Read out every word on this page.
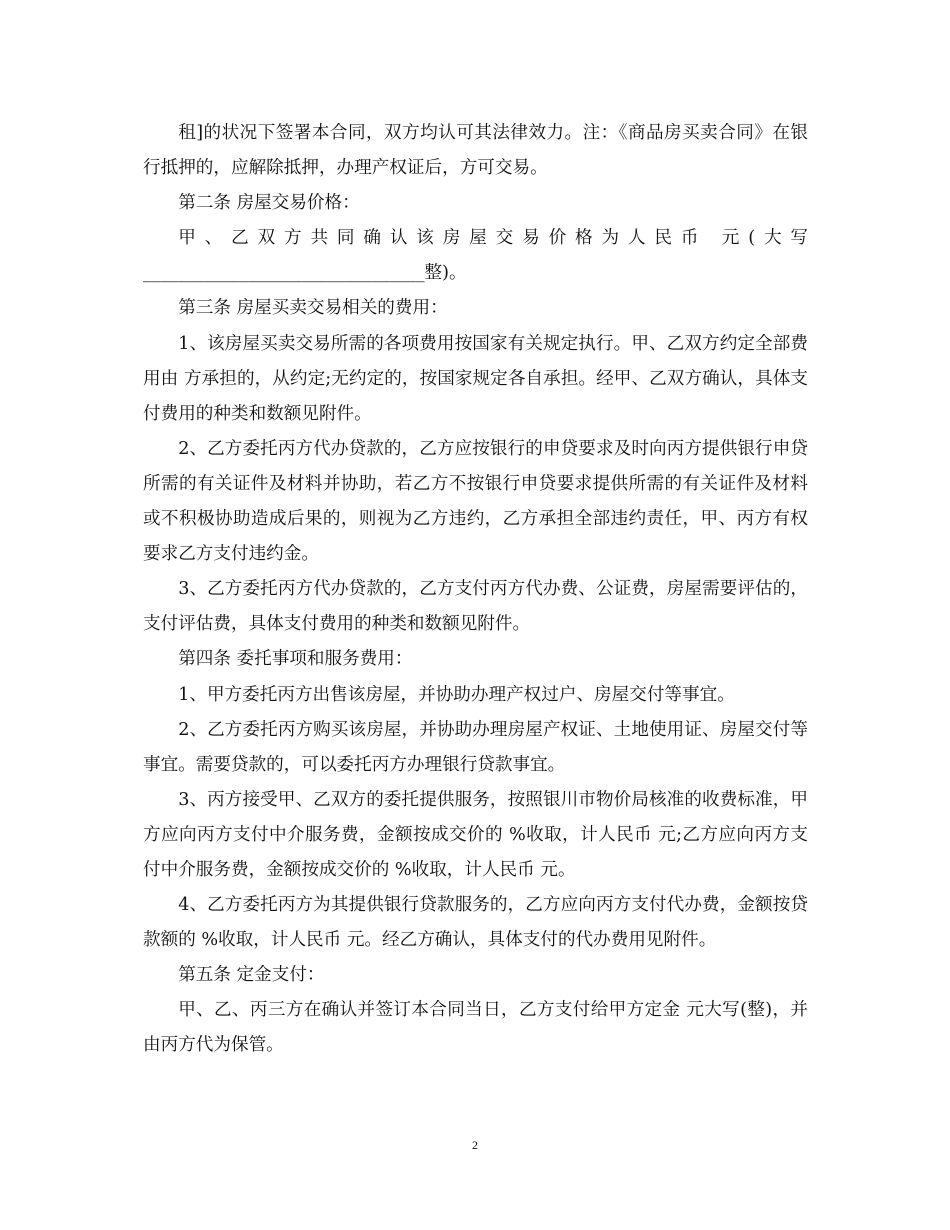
租]的状况下签署本合同，双方均认可其法律效力。注：《商品房买卖合同》在银行抵押的，应解除抵押，办理产权证后，方可交易。

第二条 房屋交易价格：

甲、乙双方共同确认该房屋交易价格为人民币 元(大写________________________________整)。

第三条 房屋买卖交易相关的费用：

1、该房屋买卖交易所需的各项费用按国家有关规定执行。甲、乙双方约定全部费用由 方承担的，从约定;无约定的，按国家规定各自承担。经甲、乙双方确认，具体支付费用的种类和数额见附件。

2、乙方委托丙方代办贷款的，乙方应按银行的申贷要求及时向丙方提供银行申贷所需的有关证件及材料并协助，若乙方不按银行申贷要求提供所需的有关证件及材料或不积极协助造成后果的，则视为乙方违约，乙方承担全部违约责任，甲、丙方有权要求乙方支付违约金。

3、乙方委托丙方代办贷款的，乙方支付丙方代办费、公证费，房屋需要评估的，支付评估费，具体支付费用的种类和数额见附件。

第四条 委托事项和服务费用：

1、甲方委托丙方出售该房屋，并协助办理产权过户、房屋交付等事宜。

2、乙方委托丙方购买该房屋，并协助办理房屋产权证、土地使用证、房屋交付等事宜。需要贷款的，可以委托丙方办理银行贷款事宜。

3、丙方接受甲、乙双方的委托提供服务，按照银川市物价局核准的收费标准，甲方应向丙方支付中介服务费，金额按成交价的 %收取，计人民币 元;乙方应向丙方支付中介服务费，金额按成交价的 %收取，计人民币 元。

4、乙方委托丙方为其提供银行贷款服务的，乙方应向丙方支付代办费，金额按贷款额的 %收取，计人民币 元。经乙方确认，具体支付的代办费用见附件。

第五条 定金支付：

甲、乙、丙三方在确认并签订本合同当日，乙方支付给甲方定金 元大写(整)，并由丙方代为保管。

2
